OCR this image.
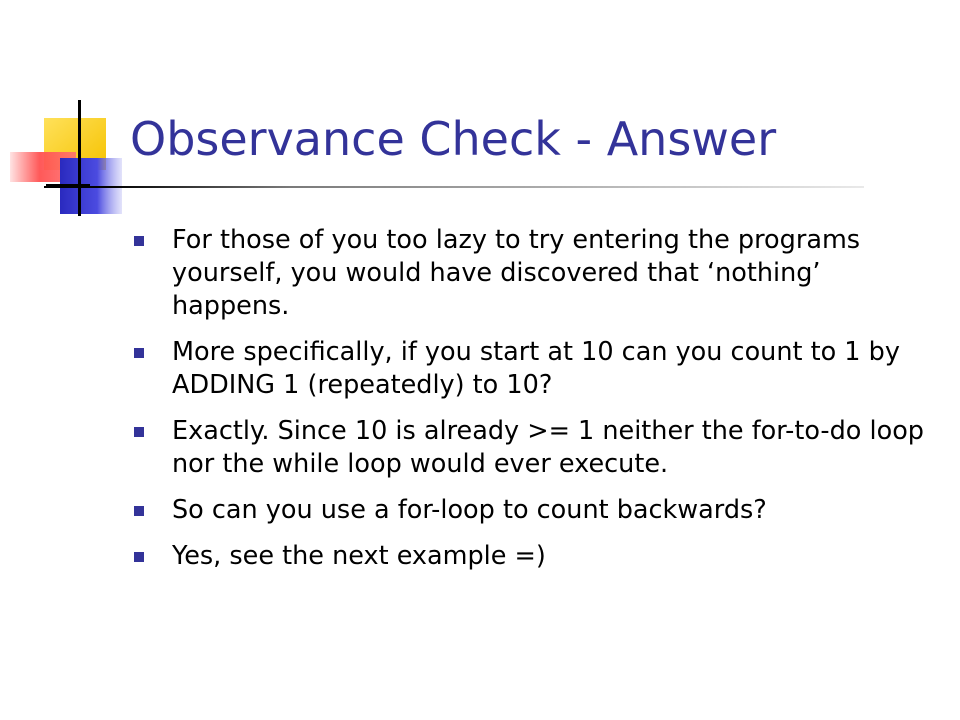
Observance Check - Answer
For those of you too lazy to try entering the programs yourself, you would have discovered that ‘nothing’ happens.
More specifically, if you start at 10 can you count to 1 by ADDING 1 (repeatedly) to 10?
Exactly. Since 10 is already >= 1 neither the for-to-do loop nor the while loop would ever execute.
So can you use a for-loop to count backwards?
Yes, see the next example =)
